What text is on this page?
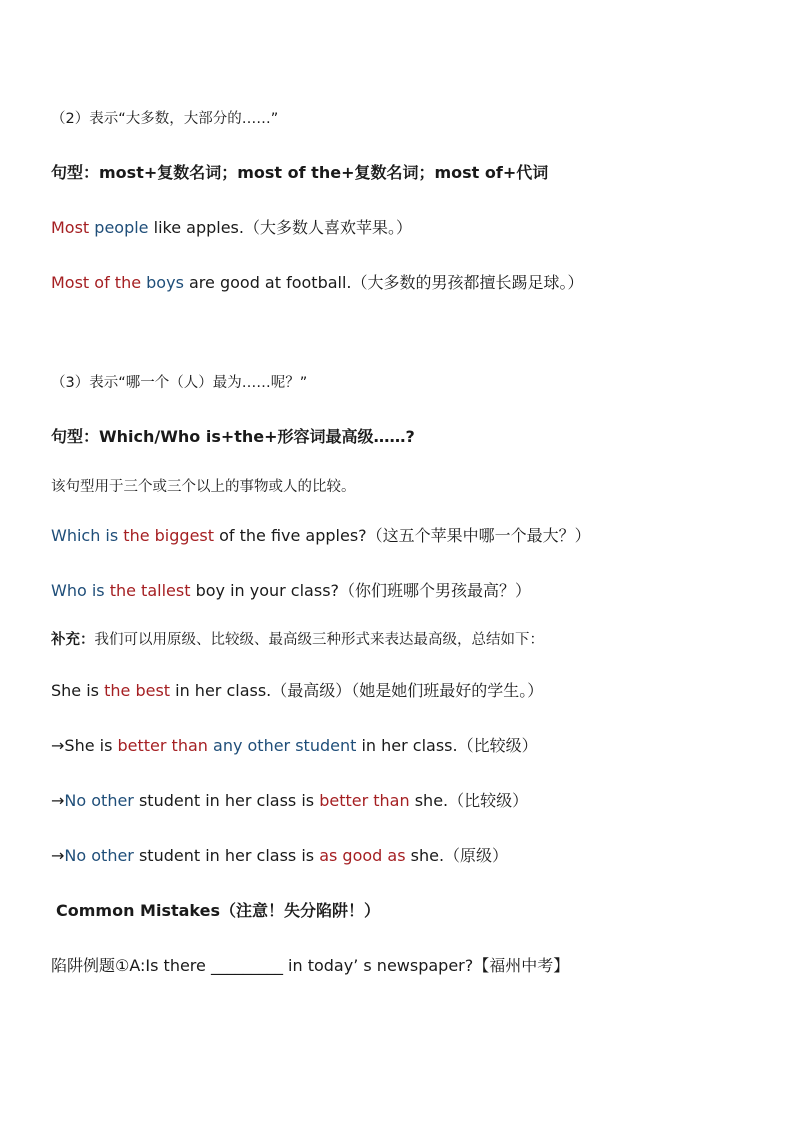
（2）表示“大多数，大部分的……”
句型：most+复数名词；most of the+复数名词；most of+代词
Most people like apples.（大多数人喜欢苹果。）
Most of the boys are good at football.（大多数的男孩都擅长踢足球。）
（3）表示“哪一个（人）最为……呢？”
句型：Which/Who is+the+形容词最高级……?
该句型用于三个或三个以上的事物或人的比较。
Which is the biggest of the five apples?（这五个苹果中哪一个最大？）
Who is the tallest boy in your class?（你们班哪个男孩最高？）
补充：我们可以用原级、比较级、最高级三种形式来表达最高级，总结如下：
She is the best in her class.（最高级）（她是她们班最好的学生。）
→She is better than any other student in her class.（比较级）
→No other student in her class is better than she.（比较级）
→No other student in her class is as good as she.（原级）
Common Mistakes（注意！失分陷阱！）
陷阱例题①A:Is there _________ in today’ s newspaper?【福州中考】
